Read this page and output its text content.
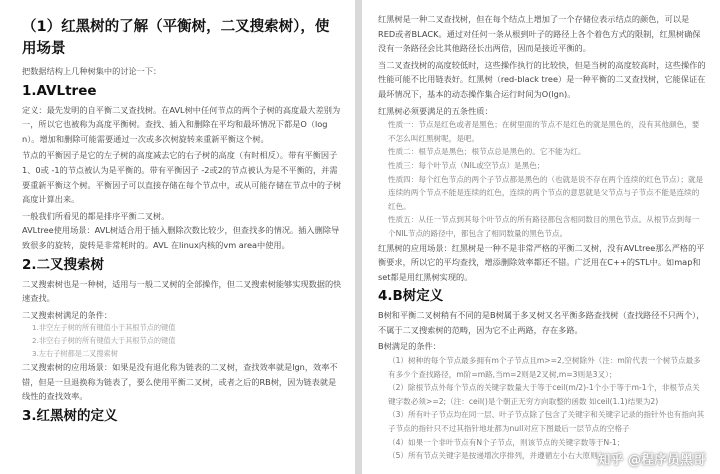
（1）红黑树的了解（平衡树，二叉搜索树），使用场景

把数据结构上几种树集中的讨论一下：

1.AVLtree

定义：最先发明的自平衡二叉查找树。在AVL树中任何节点的两个子树的高度最大差别为一，所以它也被称为高度平衡树。查找、插入和删除在平均和最坏情况下都是O（log n）。增加和删除可能需要通过一次或多次树旋转来重新平衡这个树。

节点的平衡因子是它的左子树的高度减去它的右子树的高度（有时相反）。带有平衡因子1、0或 -1的节点被认为是平衡的。带有平衡因子 -2或2的节点被认为是不平衡的，并需要重新平衡这个树。平衡因子可以直接存储在每个节点中，或从可能存储在节点中的子树高度计算出来。

一般我们所看见的都是排序平衡二叉树。

AVLtree使用场景：AVL树适合用于插入删除次数比较少，但查找多的情况。插入删除导致很多的旋转，旋转是非常耗时的。AVL 在linux内核的vm area中使用。

2.二叉搜索树

二叉搜索树也是一种树，适用与一般二叉树的全部操作，但二叉搜索树能够实现数据的快速查找。

二叉搜索树满足的条件：

1.非空左子树的所有键值小于其根节点的键值

2.非空右子树的所有键值大于其根节点的键值

3.左右子树都是二叉搜索树

二叉搜索树的应用场景：如果是没有退化称为链表的二叉树，查找效率就是lgn，效率不错，但是一旦退换称为链表了，要么使用平衡二叉树，或者之后的RB树，因为链表就是线性的查找效率。

3.红黑树的定义

红黑树是一种二叉查找树，但在每个结点上增加了一个存储位表示结点的颜色，可以是RED或者BLACK。通过对任何一条从根到叶子的路径上各个着色方式的限制，红黑树确保没有一条路径会比其他路径长出两倍，因而是接近平衡的。

当二叉查找树的高度较低时，这些操作执行的比较快，但是当树的高度较高时，这些操作的性能可能不比用链表好。红黑树（red-black tree）是一种平衡的二叉查找树，它能保证在最坏情况下，基本的动态操作集合运行时间为O(lgn)。

红黑树必须要满足的五条性质：

性质一：节点是红色或者是黑色；在树里面的节点不是红色的就是黑色的，没有其他颜色，要不怎么叫红黑树呢，是吧。

性质二：根节点是黑色；根节点总是黑色的。它不能为红。

性质三：每个叶节点（NIL或空节点）是黑色；

性质四：每个红色节点的两个子节点都是黑色的（也就是说不存在两个连续的红色节点）；就是连续的两个节点不能是连续的红色，连续的两个节点的意思就是父节点与子节点不能是连续的红色。

性质五：从任一节点到其每个叶节点的所有路径都包含相同数目的黑色节点。从根节点到每一个NIL节点的路径中，都包含了相同数量的黑色节点。

红黑树的应用场景：红黑树是一种不是非常严格的平衡二叉树，没有AVLtree那么严格的平衡要求，所以它的平均查找，增添删除效率都还不错。广泛用在C++的STL中。如map和set都是用红黑树实现的。

4.B树定义

B树和平衡二叉树稍有不同的是B树属于多叉树又名平衡多路查找树（查找路径不只两个），不属于二叉搜索树的范畴，因为它不止两路，存在多路。

B树满足的条件：

（1）树种的每个节点最多拥有m个子节点且m>=2,空树除外（注：m阶代表一个树节点最多有多少个查找路径，m阶=m路,当m=2则是2叉树,m=3则是3叉）；

（2）除根节点外每个节点的关键字数量大于等于ceil(m/2)-1个小于等于m-1个，非根节点关键字数必须>=2;（注：ceil()是个朝正无穷方向取整的函数 如ceil(1.1)结果为2)

（3）所有叶子节点均在同一层、叶子节点除了包含了关键字和关键字记录的指针外也有指向其子节点的指针只不过其指针地址都为null对应下图最后一层节点的空格子

（4）如果一个非叶节点有N个子节点，则该节点的关键字数等于N-1；

（5）所有节点关键字是按递增次序排列，并遵循左小右大原则；

知乎 @程序员黑哥
